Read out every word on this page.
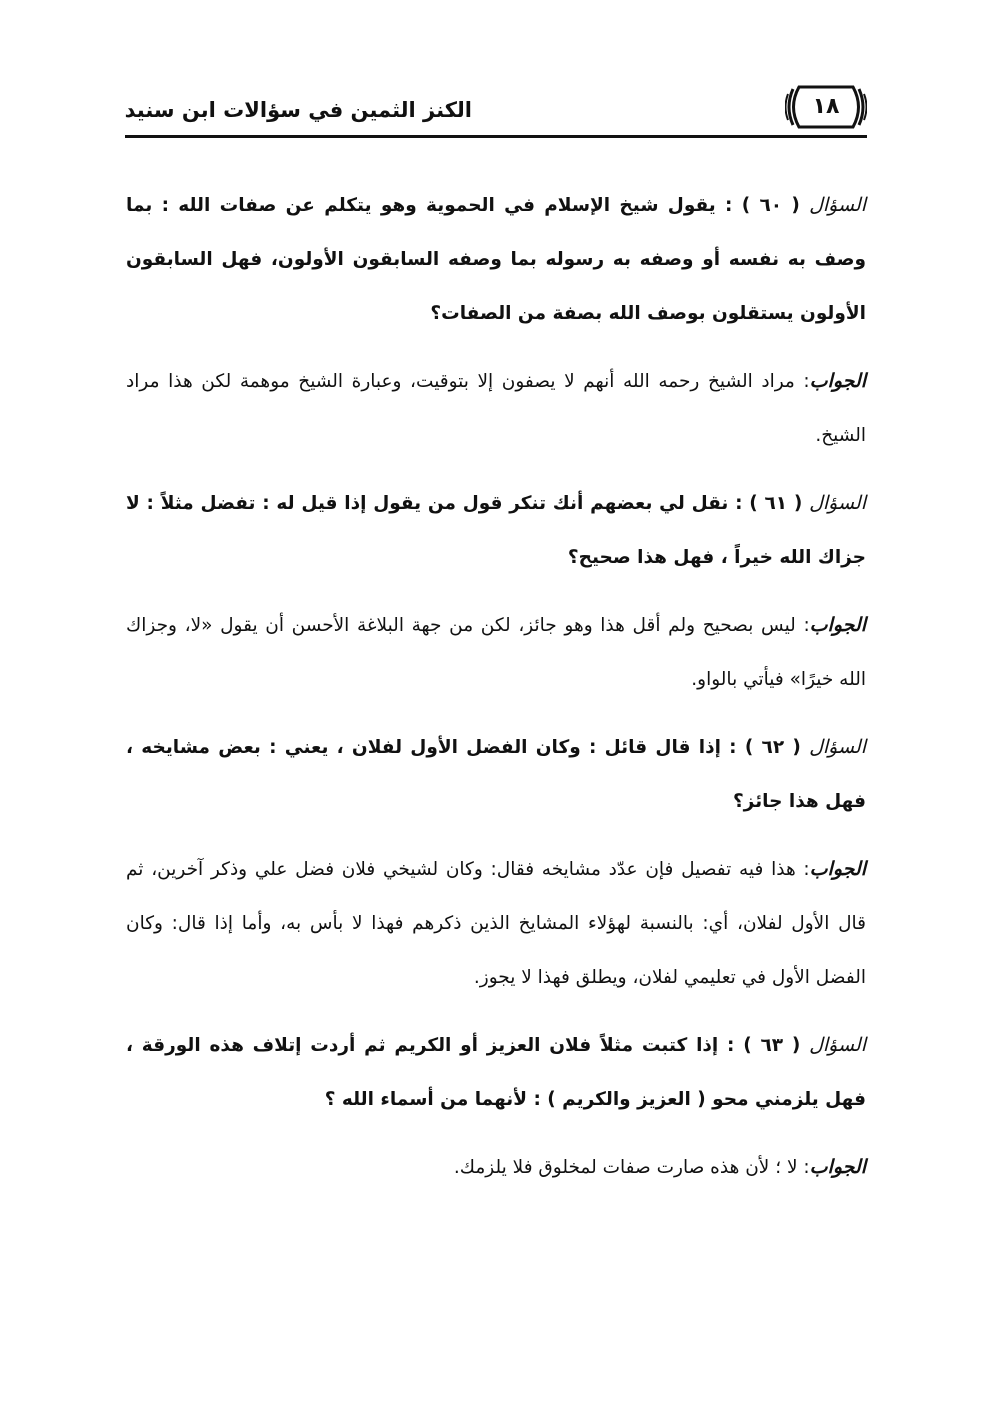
١٨
الكنز الثمين في سؤالات ابن سنيد

السؤال ( ٦٠ ) : يقول شيخ الإسلام في الحموية وهو يتكلم عن صفات الله : بما وصف به نفسه أو وصفه به رسوله بما وصفه السابقون الأولون، فهل السابقون الأولون يستقلون بوصف الله بصفة من الصفات؟

الجواب: مراد الشيخ رحمه الله أنهم لا يصفون إلا بتوقيت، وعبارة الشيخ موهمة لكن هذا مراد الشيخ.

السؤال ( ٦١ ) : نقل لي بعضهم أنك تنكر قول من يقول إذا قيل له : تفضل مثلاً : لا جزاك الله خيراً ، فهل هذا صحيح؟

الجواب: ليس بصحيح ولم أقل هذا وهو جائز، لكن من جهة البلاغة الأحسن أن يقول «لا، وجزاك الله خيرًا» فيأتي بالواو.

السؤال ( ٦٢ ) : إذا قال قائل : وكان الفضل الأول لفلان ، يعني : بعض مشايخه ، فهل هذا جائز؟

الجواب: هذا فيه تفصيل فإن عدّد مشايخه فقال: وكان لشيخي فلان فضل علي وذكر آخرين، ثم قال الأول لفلان، أي: بالنسبة لهؤلاء المشايخ الذين ذكرهم فهذا لا بأس به، وأما إذا قال: وكان الفضل الأول في تعليمي لفلان، ويطلق فهذا لا يجوز.

السؤال ( ٦٣ ) : إذا كتبت مثلاً فلان العزيز أو الكريم ثم أردت إتلاف هذه الورقة ، فهل يلزمني محو ( العزيز والكريم ) : لأنهما من أسماء الله ؟

الجواب: لا ؛ لأن هذه صارت صفات لمخلوق فلا يلزمك.
